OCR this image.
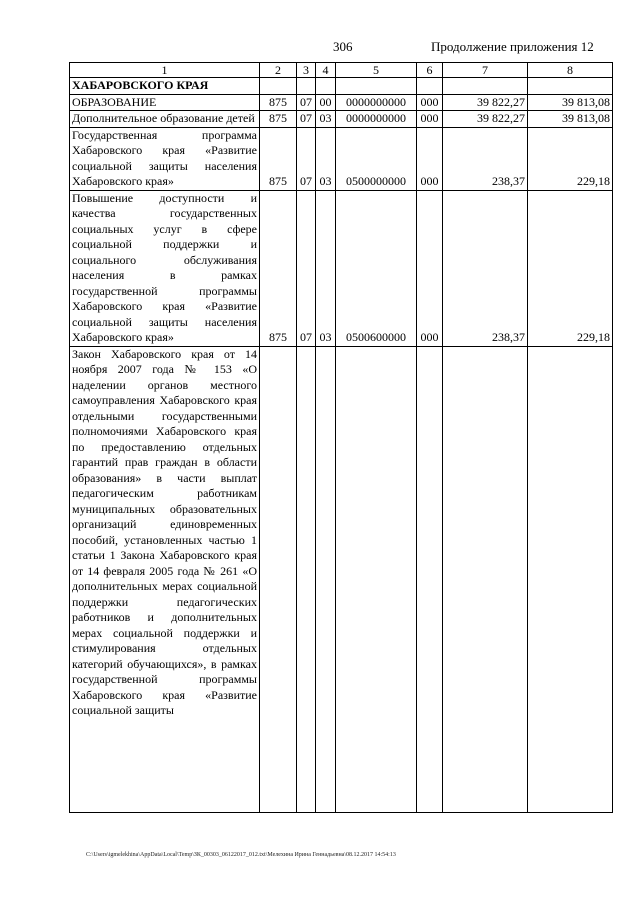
306	Продолжение приложения 12
1	2	3	4	5	6	7	8
ХАБАРОВСКОГО КРАЯ							
ОБРАЗОВАНИЕ	875	07	00	0000000000	000	39 822,27	39 813,08
Дополнительное образование детей	875	07	03	0000000000	000	39 822,27	39 813,08
Государственная программа Хабаровского края «Развитие социальной защиты населения Хабаровского края»	875	07	03	0500000000	000	238,37	229,18
Повышение доступности и качества государственных социальных услуг в сфере социальной поддержки и социального обслуживания населения в рамках государственной программы Хабаровского края «Развитие социальной защиты населения Хабаровского края»	875	07	03	0500600000	000	238,37	229,18
Закон Хабаровского края от 14 ноября 2007 года № 153 «О наделении органов местного самоуправления Хабаровского края отдельными государственными полномочиями Хабаровского края по предоставлению отдельных гарантий прав граждан в области образования» в части выплат педагогическим работникам муниципальных образовательных организаций единовременных пособий, установленных частью 1 статьи 1 Закона Хабаровского края от 14 февраля 2005 года № 261 «О дополнительных мерах социальной поддержки педагогических работников и дополнительных мерах социальной поддержки и стимулирования отдельных категорий обучающихся», в рамках государственной программы Хабаровского края «Развитие социальной защиты							
C:\Users\igmelekhina\AppData\Local\Temp\ЗК_00303_06122017_012.txt\Мелехина Ирина Геннадьевна\08.12.2017 14:54:13
